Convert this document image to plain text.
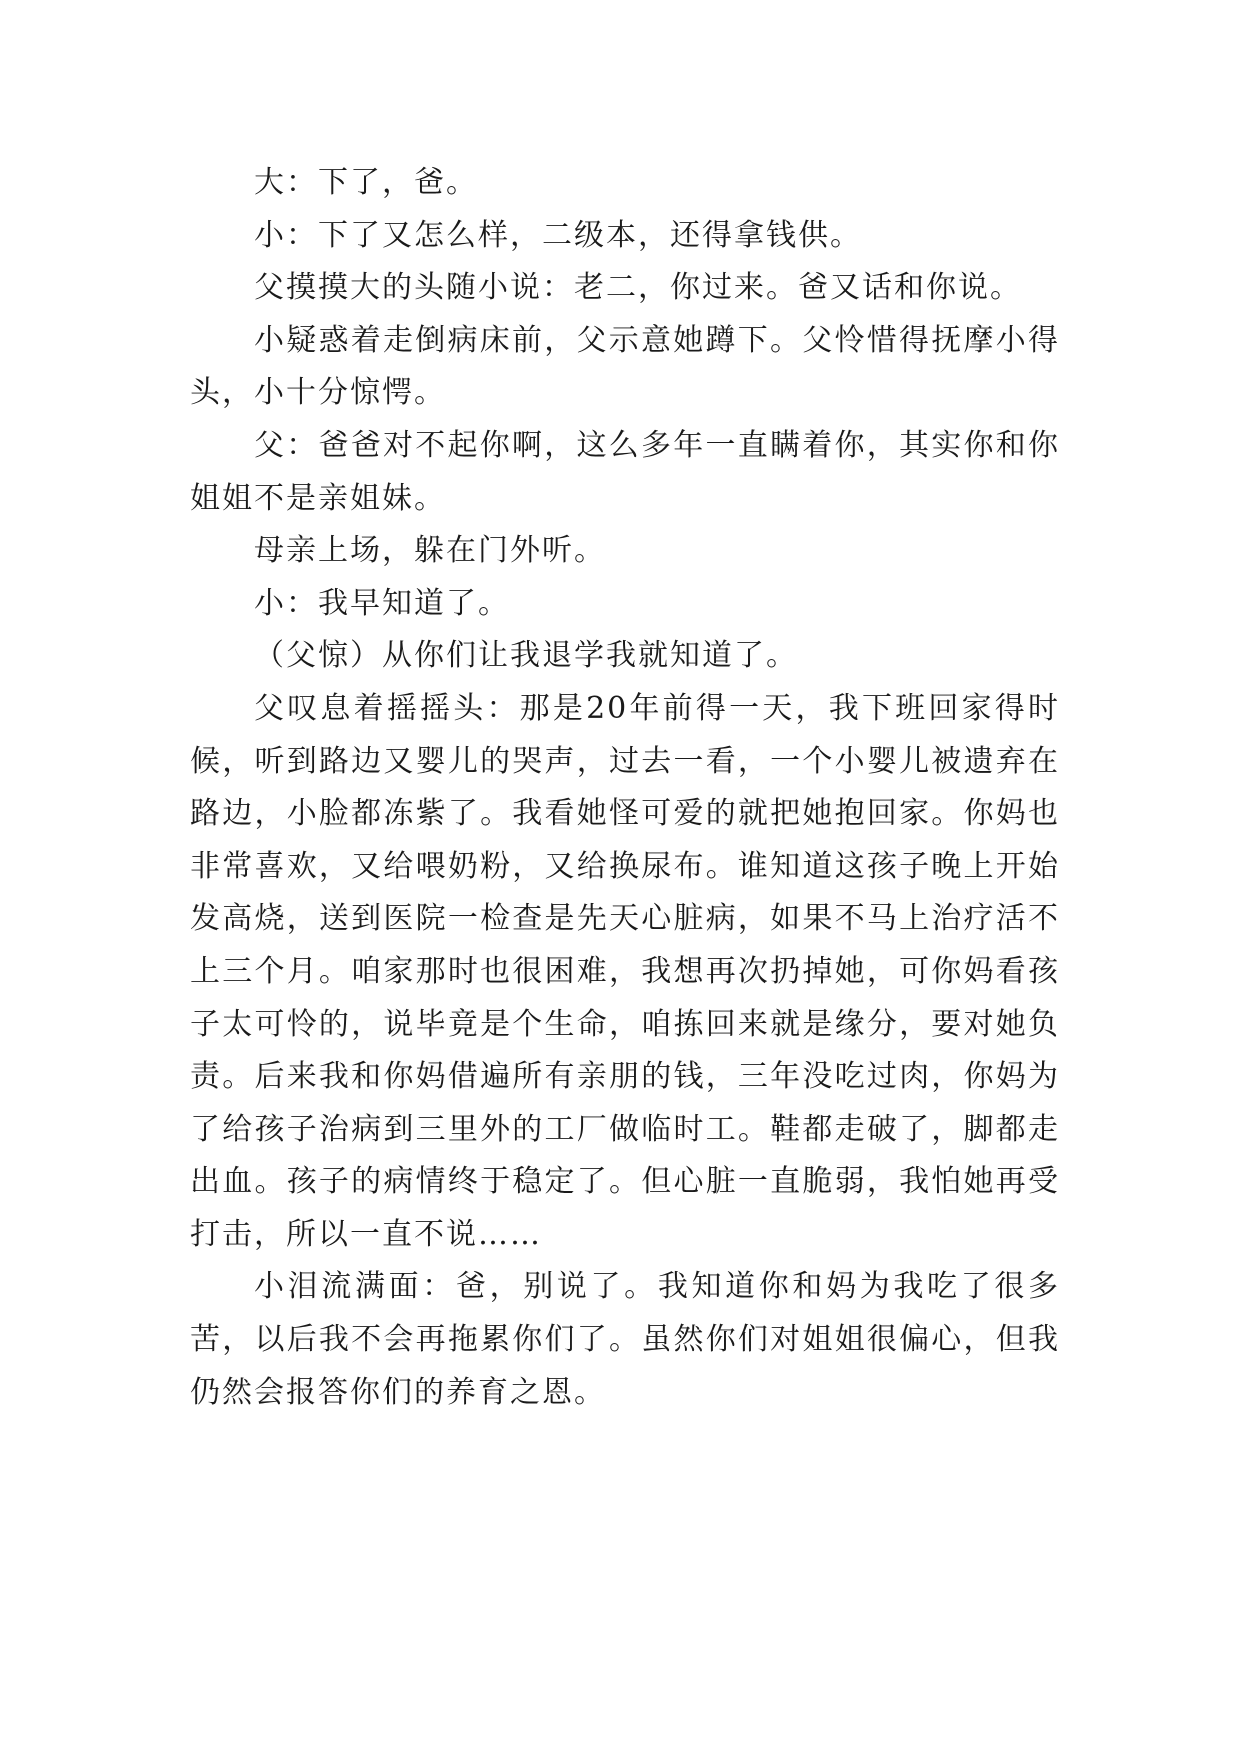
大：下了，爸。

小：下了又怎么样，二级本，还得拿钱供。

父摸摸大的头随小说：老二，你过来。爸又话和你说。

小疑惑着走倒病床前，父示意她蹲下。父怜惜得抚摩小得头，小十分惊愕。

父：爸爸对不起你啊，这么多年一直瞒着你，其实你和你姐姐不是亲姐妹。

母亲上场，躲在门外听。

小：我早知道了。

（父惊）从你们让我退学我就知道了。

父叹息着摇摇头：那是20年前得一天，我下班回家得时候，听到路边又婴儿的哭声，过去一看，一个小婴儿被遗弃在路边，小脸都冻紫了。我看她怪可爱的就把她抱回家。你妈也非常喜欢，又给喂奶粉，又给换尿布。谁知道这孩子晚上开始发高烧，送到医院一检查是先天心脏病，如果不马上治疗活不上三个月。咱家那时也很困难，我想再次扔掉她，可你妈看孩子太可怜的，说毕竟是个生命，咱拣回来就是缘分，要对她负责。后来我和你妈借遍所有亲朋的钱，三年没吃过肉，你妈为了给孩子治病到三里外的工厂做临时工。鞋都走破了，脚都走出血。孩子的病情终于稳定了。但心脏一直脆弱，我怕她再受打击，所以一直不说……

小泪流满面：爸，别说了。我知道你和妈为我吃了很多苦，以后我不会再拖累你们了。虽然你们对姐姐很偏心，但我仍然会报答你们的养育之恩。
